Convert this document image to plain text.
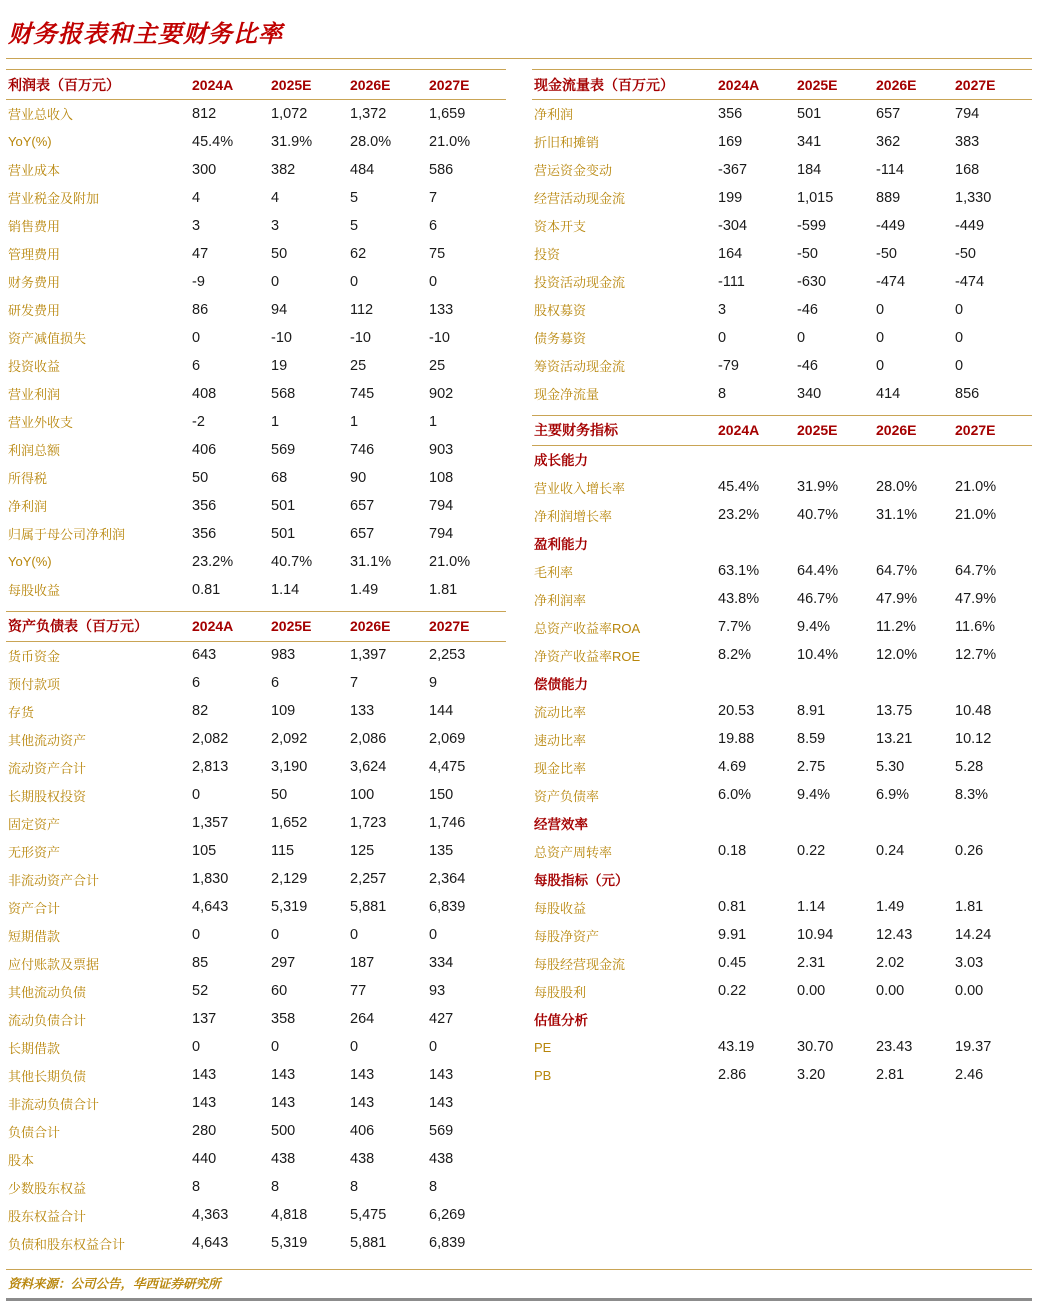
财务报表和主要财务比率
利润表（百万元）	2024A	2025E	2026E	2027E
营业总收入	812	1,072	1,372	1,659
YoY(%)	45.4%	31.9%	28.0%	21.0%
营业成本	300	382	484	586
营业税金及附加	4	4	5	7
销售费用	3	3	5	6
管理费用	47	50	62	75
财务费用	-9	0	0	0
研发费用	86	94	112	133
资产减值损失	0	-10	-10	-10
投资收益	6	19	25	25
营业利润	408	568	745	902
营业外收支	-2	1	1	1
利润总额	406	569	746	903
所得税	50	68	90	108
净利润	356	501	657	794
归属于母公司净利润	356	501	657	794
YoY(%)	23.2%	40.7%	31.1%	21.0%
每股收益	0.81	1.14	1.49	1.81
资产负债表（百万元）	2024A	2025E	2026E	2027E
货币资金	643	983	1,397	2,253
预付款项	6	6	7	9
存货	82	109	133	144
其他流动资产	2,082	2,092	2,086	2,069
流动资产合计	2,813	3,190	3,624	4,475
长期股权投资	0	50	100	150
固定资产	1,357	1,652	1,723	1,746
无形资产	105	115	125	135
非流动资产合计	1,830	2,129	2,257	2,364
资产合计	4,643	5,319	5,881	6,839
短期借款	0	0	0	0
应付账款及票据	85	297	187	334
其他流动负债	52	60	77	93
流动负债合计	137	358	264	427
长期借款	0	0	0	0
其他长期负债	143	143	143	143
非流动负债合计	143	143	143	143
负债合计	280	500	406	569
股本	440	438	438	438
少数股东权益	8	8	8	8
股东权益合计	4,363	4,818	5,475	6,269
负债和股东权益合计	4,643	5,319	5,881	6,839
现金流量表（百万元）	2024A	2025E	2026E	2027E
净利润	356	501	657	794
折旧和摊销	169	341	362	383
营运资金变动	-367	184	-114	168
经营活动现金流	199	1,015	889	1,330
资本开支	-304	-599	-449	-449
投资	164	-50	-50	-50
投资活动现金流	-111	-630	-474	-474
股权募资	3	-46	0	0
债务募资	0	0	0	0
筹资活动现金流	-79	-46	0	0
现金净流量	8	340	414	856
主要财务指标	2024A	2025E	2026E	2027E
成长能力				
营业收入增长率	45.4%	31.9%	28.0%	21.0%
净利润增长率	23.2%	40.7%	31.1%	21.0%
盈利能力				
毛利率	63.1%	64.4%	64.7%	64.7%
净利润率	43.8%	46.7%	47.9%	47.9%
总资产收益率ROA	7.7%	9.4%	11.2%	11.6%
净资产收益率ROE	8.2%	10.4%	12.0%	12.7%
偿债能力				
流动比率	20.53	8.91	13.75	10.48
速动比率	19.88	8.59	13.21	10.12
现金比率	4.69	2.75	5.30	5.28
资产负债率	6.0%	9.4%	6.9%	8.3%
经营效率				
总资产周转率	0.18	0.22	0.24	0.26
每股指标（元）				
每股收益	0.81	1.14	1.49	1.81
每股净资产	9.91	10.94	12.43	14.24
每股经营现金流	0.45	2.31	2.02	3.03
每股股利	0.22	0.00	0.00	0.00
估值分析				
PE	43.19	30.70	23.43	19.37
PB	2.86	3.20	2.81	2.46
资料来源：公司公告，华西证券研究所
